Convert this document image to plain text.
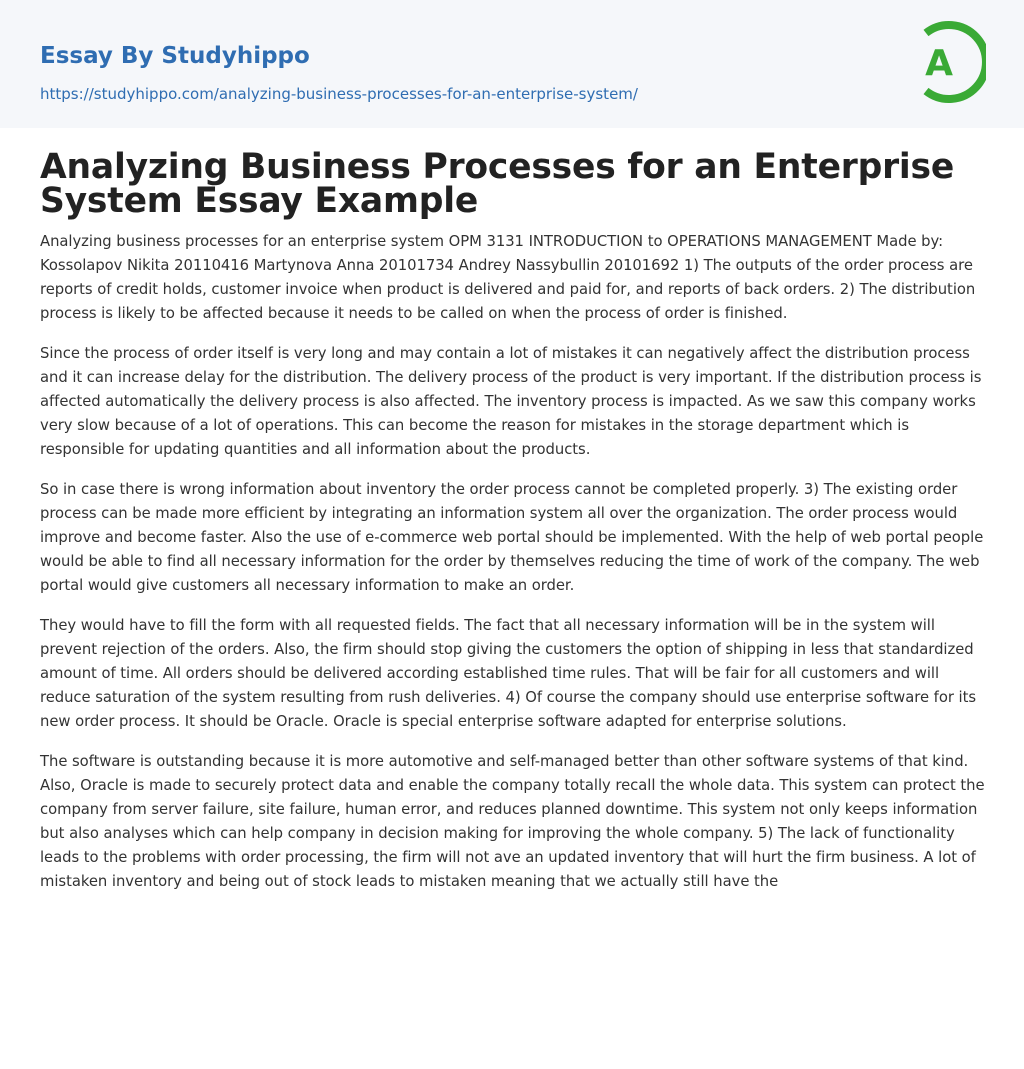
Essay By Studyhippo
https://studyhippo.com/analyzing-business-processes-for-an-enterprise-system/
A
Analyzing Business Processes for an Enterprise System Essay Example

Analyzing business processes for an enterprise system OPM 3131 INTRODUCTION to OPERATIONS MANAGEMENT Made by: Kossolapov Nikita 20110416 Martynova Anna 20101734 Andrey Nassybullin 20101692 1) The outputs of the order process are reports of credit holds, customer invoice when product is delivered and paid for, and reports of back orders. 2) The distribution process is likely to be affected because it needs to be called on when the process of order is finished.

Since the process of order itself is very long and may contain a lot of mistakes it can negatively affect the distribution process and it can increase delay for the distribution. The delivery process of the product is very important. If the distribution process is affected automatically the delivery process is also affected. The inventory process is impacted. As we saw this company works very slow because of a lot of operations. This can become the reason for mistakes in the storage department which is responsible for updating quantities and all information about the products.

So in case there is wrong information about inventory the order process cannot be completed properly. 3) The existing order process can be made more efficient by integrating an information system all over the organization. The order process would improve and become faster. Also the use of e-commerce web portal should be implemented. With the help of web portal people would be able to find all necessary information for the order by themselves reducing the time of work of the company. The web portal would give customers all necessary information to make an order.

They would have to fill the form with all requested fields. The fact that all necessary information will be in the system will prevent rejection of the orders. Also, the firm should stop giving the customers the option of shipping in less that standardized amount of time. All orders should be delivered according established time rules. That will be fair for all customers and will reduce saturation of the system resulting from rush deliveries. 4) Of course the company should use enterprise software for its new order process. It should be Oracle. Oracle is special enterprise software adapted for enterprise solutions.

The software is outstanding because it is more automotive and self-managed better than other software systems of that kind. Also, Oracle is made to securely protect data and enable the company totally recall the whole data. This system can protect the company from server failure, site failure, human error, and reduces planned downtime. This system not only keeps information but also analyses which can help company in decision making for improving the whole company. 5) The lack of functionality leads to the problems with order processing, the firm will not ave an updated inventory that will hurt the firm business. A lot of mistaken inventory and being out of stock leads to mistaken meaning that we actually still have the
